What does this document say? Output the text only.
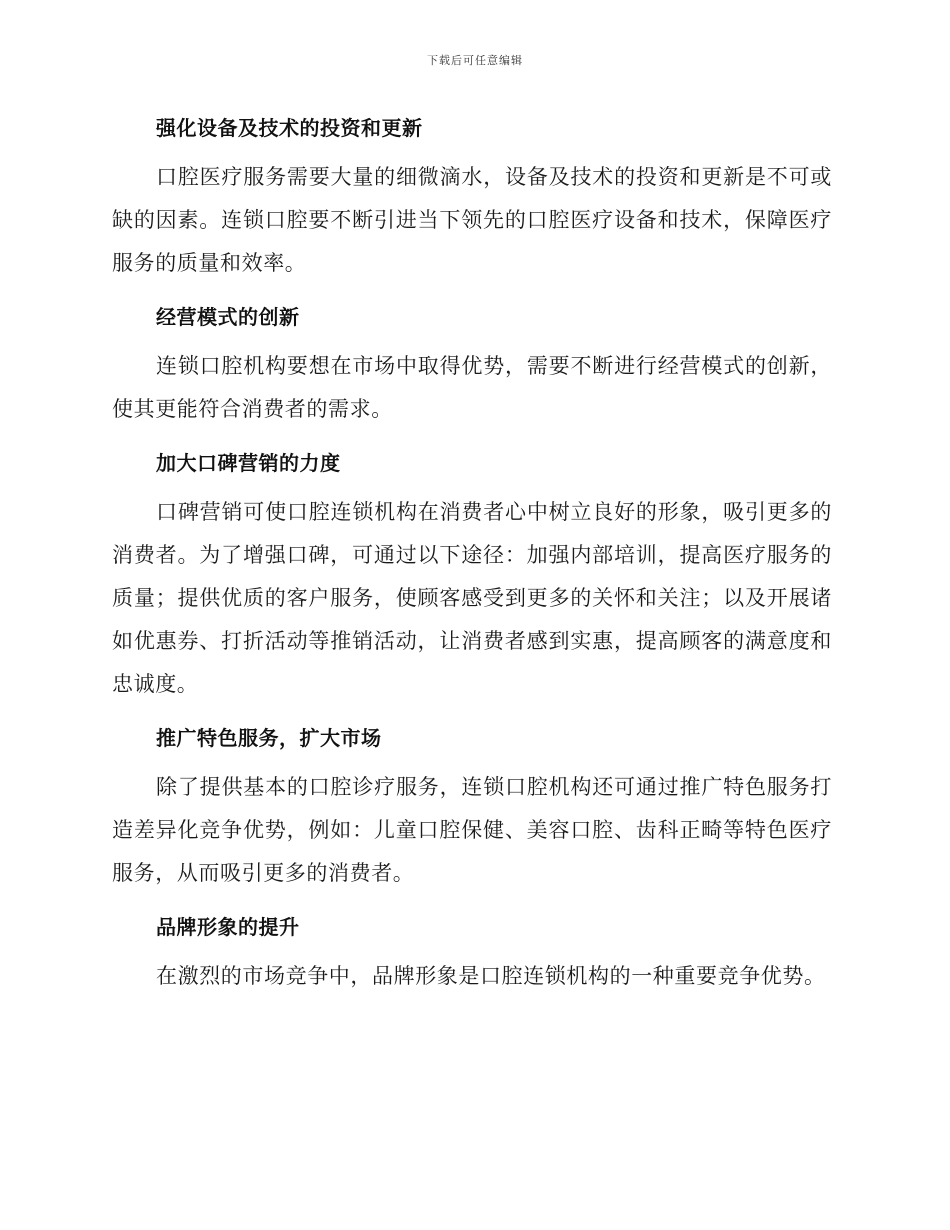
下载后可任意编辑
强化设备及技术的投资和更新

口腔医疗服务需要大量的细微滴水，设备及技术的投资和更新是不可或缺的因素。连锁口腔要不断引进当下领先的口腔医疗设备和技术，保障医疗服务的质量和效率。

经营模式的创新

连锁口腔机构要想在市场中取得优势，需要不断进行经营模式的创新，使其更能符合消费者的需求。

加大口碑营销的力度

口碑营销可使口腔连锁机构在消费者心中树立良好的形象，吸引更多的消费者。为了增强口碑，可通过以下途径：加强内部培训，提高医疗服务的质量；提供优质的客户服务，使顾客感受到更多的关怀和关注；以及开展诸如优惠券、打折活动等推销活动，让消费者感到实惠，提高顾客的满意度和忠诚度。

推广特色服务，扩大市场

除了提供基本的口腔诊疗服务，连锁口腔机构还可通过推广特色服务打造差异化竞争优势，例如：儿童口腔保健、美容口腔、齿科正畸等特色医疗服务，从而吸引更多的消费者。

品牌形象的提升

在激烈的市场竞争中，品牌形象是口腔连锁机构的一种重要竞争优势。
